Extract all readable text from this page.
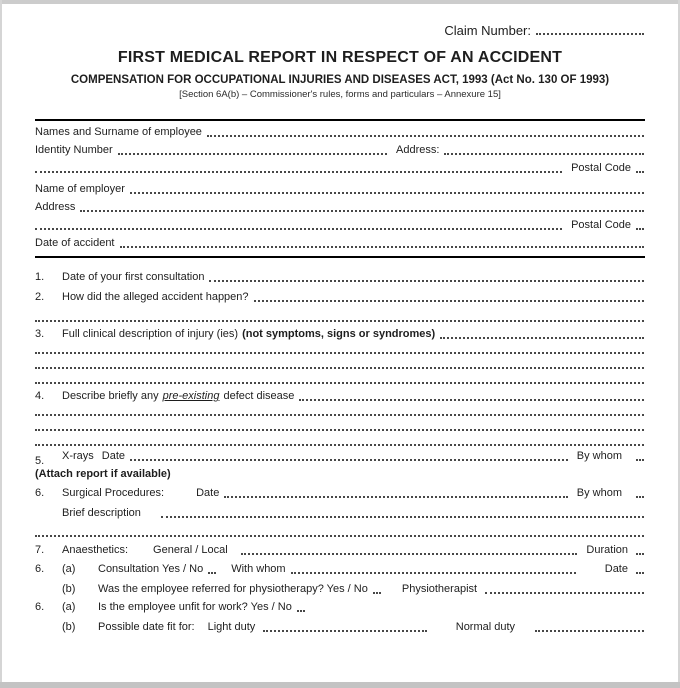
Claim Number:
FIRST MEDICAL REPORT IN RESPECT OF AN ACCIDENT
COMPENSATION FOR OCCUPATIONAL INJURIES AND DISEASES ACT, 1993 (Act No. 130 OF 1993)
[Section 6A(b) – Commissioner's rules, forms and particulars – Annexure 15]
Names and Surname of employee
Identity Number	Address:
Postal Code
Name of employer
Address
Postal Code
Date of accident
1.	Date of your first consultation
2.	How did the alleged accident happen?
3.	Full clinical description of injury (ies) (not symptoms, signs or syndromes)
4.	Describe briefly any pre-existing defect disease
5.	X-rays Date	By whom
(Attach report if available)
6.	Surgical Procedures:	Date	By whom
Brief description
7.	Anaesthetics: General / Local	Duration
6.	(a)	Consultation Yes / No	With whom	Date
(b)	Was the employee referred for physiotherapy? Yes / No	Physiotherapist
6.	(a)	Is the employee unfit for work? Yes / No
(b)	Possible date fit for: Light duty	Normal duty
